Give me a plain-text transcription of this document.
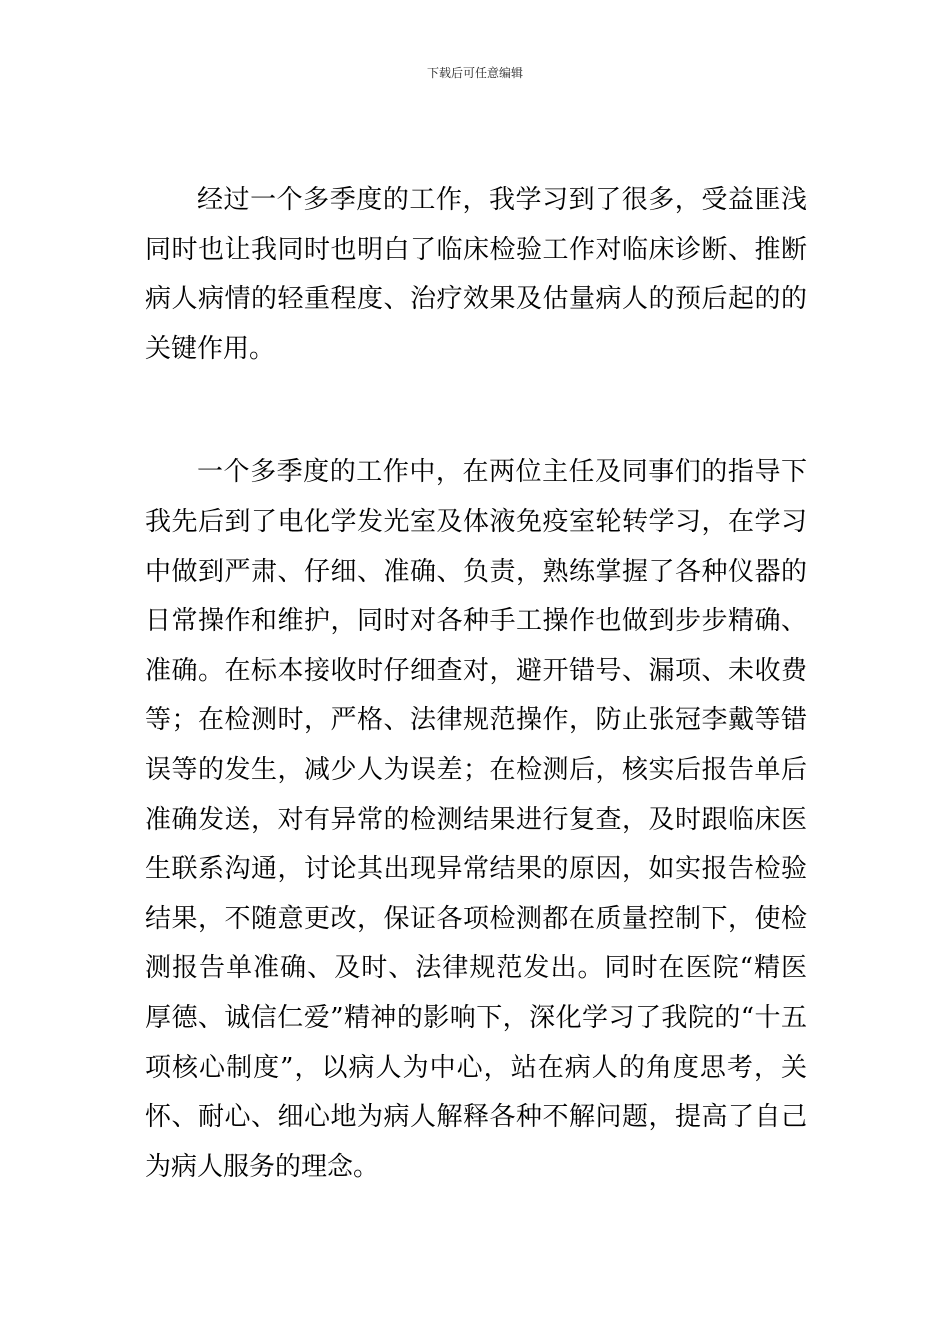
下载后可任意编辑

经过一个多季度的工作，我学习到了很多，受益匪浅同时也让我同时也明白了临床检验工作对临床诊断、推断病人病情的轻重程度、治疗效果及估量病人的预后起的的关键作用。

一个多季度的工作中，在两位主任及同事们的指导下我先后到了电化学发光室及体液免疫室轮转学习，在学习中做到严肃、仔细、准确、负责，熟练掌握了各种仪器的日常操作和维护，同时对各种手工操作也做到步步精确、准确。在标本接收时仔细查对，避开错号、漏项、未收费等；在检测时，严格、法律规范操作，防止张冠李戴等错误等的发生，减少人为误差；在检测后，核实后报告单后准确发送，对有异常的检测结果进行复查，及时跟临床医生联系沟通，讨论其出现异常结果的原因，如实报告检验结果，不随意更改，保证各项检测都在质量控制下，使检测报告单准确、及时、法律规范发出。同时在医院“精医厚德、诚信仁爱”精神的影响下，深化学习了我院的“十五项核心制度”，以病人为中心，站在病人的角度思考，关怀、耐心、细心地为病人解释各种不解问题，提高了自己为病人服务的理念。
